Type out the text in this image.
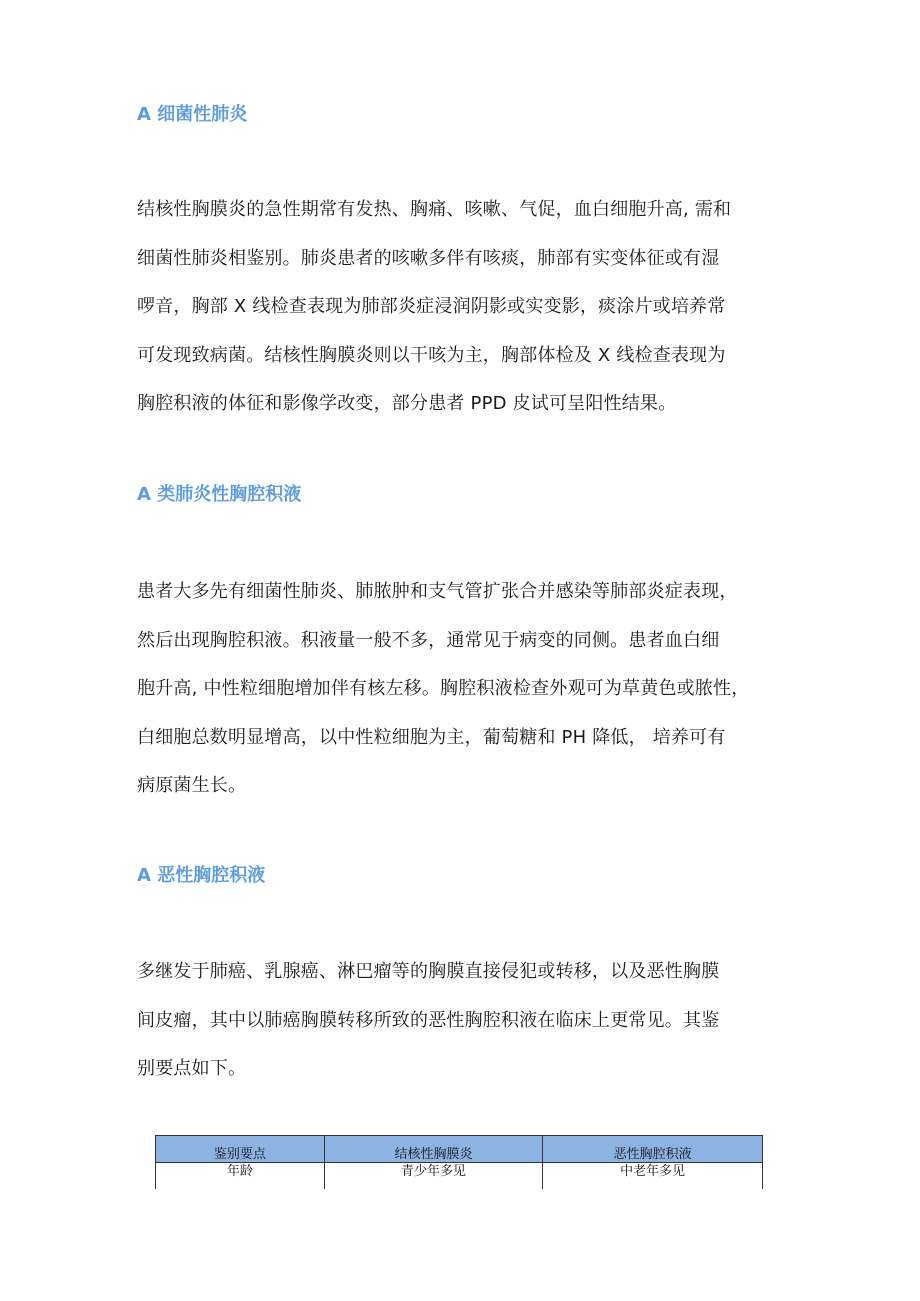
A 细菌性肺炎
结核性胸膜炎的急性期常有发热、胸痛、咳嗽、气促，血白细胞升高, 需和
细菌性肺炎相鉴别。肺炎患者的咳嗽多伴有咳痰，肺部有实变体征或有湿
啰音，胸部 X 线检查表现为肺部炎症浸润阴影或实变影，痰涂片或培养常
可发现致病菌。结核性胸膜炎则以干咳为主，胸部体检及 X 线检查表现为
胸腔积液的体征和影像学改变，部分患者 PPD 皮试可呈阳性结果。
A 类肺炎性胸腔积液
患者大多先有细菌性肺炎、肺脓肿和支气管扩张合并感染等肺部炎症表现，
然后出现胸腔积液。积液量一般不多，通常见于病变的同侧。患者血白细
胞升高, 中性粒细胞增加伴有核左移。胸腔积液检查外观可为草黄色或脓性，
白细胞总数明显增高，以中性粒细胞为主，葡萄糖和 PH 降低， 培养可有
病原菌生长。
A 恶性胸腔积液
多继发于肺癌、乳腺癌、淋巴瘤等的胸膜直接侵犯或转移，以及恶性胸膜
间皮瘤，其中以肺癌胸膜转移所致的恶性胸腔积液在临床上更常见。其鉴
别要点如下。
鉴别要点	结核性胸膜炎	恶性胸腔积液
年龄	青少年多见	中老年多见
